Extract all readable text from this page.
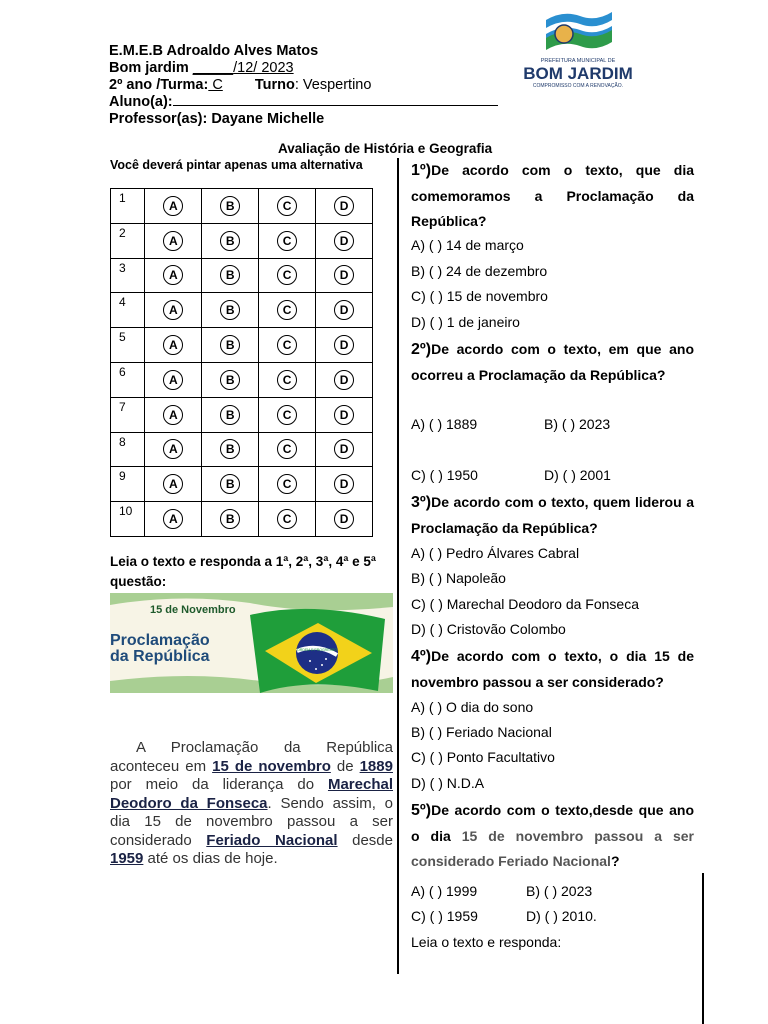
E.M.E.B Adroaldo Alves Matos
Bom jardim _____/12/ 2023
2º ano /Turma: C Turno: Vespertino
Aluno(a):
Professor(as): Dayane Michelle
PREFEITURA MUNICIPAL DE
BOM JARDIM
COMPROMISSO COM A RENOVAÇÃO.
Avaliação de História e Geografia
Você deverá pintar apenas uma alternativa
1	A	B	C	D

2	A	B	C	D

3	A	B	C	D

4	A	B	C	D

5	A	B	C	D

6	A	B	C	D

7	A	B	C	D

8	A	B	C	D

9	A	B	C	D

10	A	B	C	D
Leia o texto e responda a 1ª, 2ª, 3ª, 4ª e 5ª questão:
15 de Novembro
Proclamação
da República	ORDEM E PROGRESSO
A Proclamação da República aconteceu em 15 de novembro de 1889 por meio da liderança do Marechal Deodoro da Fonseca. Sendo assim, o dia 15 de novembro passou a ser considerado Feriado Nacional desde 1959 até os dias de hoje.
1º)De acordo com o texto, que dia comemoramos a Proclamação da República?
A) ( ) 14 de março
B) ( ) 24 de dezembro
C) ( ) 15 de novembro
D) ( ) 1 de janeiro
2º)De acordo com o texto, em que ano ocorreu a Proclamação da República?
A) ( ) 1889	B) ( ) 2023
C) ( ) 1950	D) ( ) 2001
3º)De acordo com o texto, quem liderou a Proclamação da República?
A) ( ) Pedro Álvares Cabral
B) ( ) Napoleão
C) ( ) Marechal Deodoro da Fonseca
D) ( ) Cristovão Colombo
4º)De acordo com o texto, o dia 15 de novembro passou a ser considerado?
A) ( ) O dia do sono
B) ( ) Feriado Nacional
C) ( ) Ponto Facultativo
D) ( ) N.D.A
5º)De acordo com o texto,desde que ano o dia 15 de novembro passou a ser considerado Feriado Nacional?
A) ( ) 1999	B) ( ) 2023
C) ( ) 1959	D) ( ) 2010.
Leia o texto e responda:
